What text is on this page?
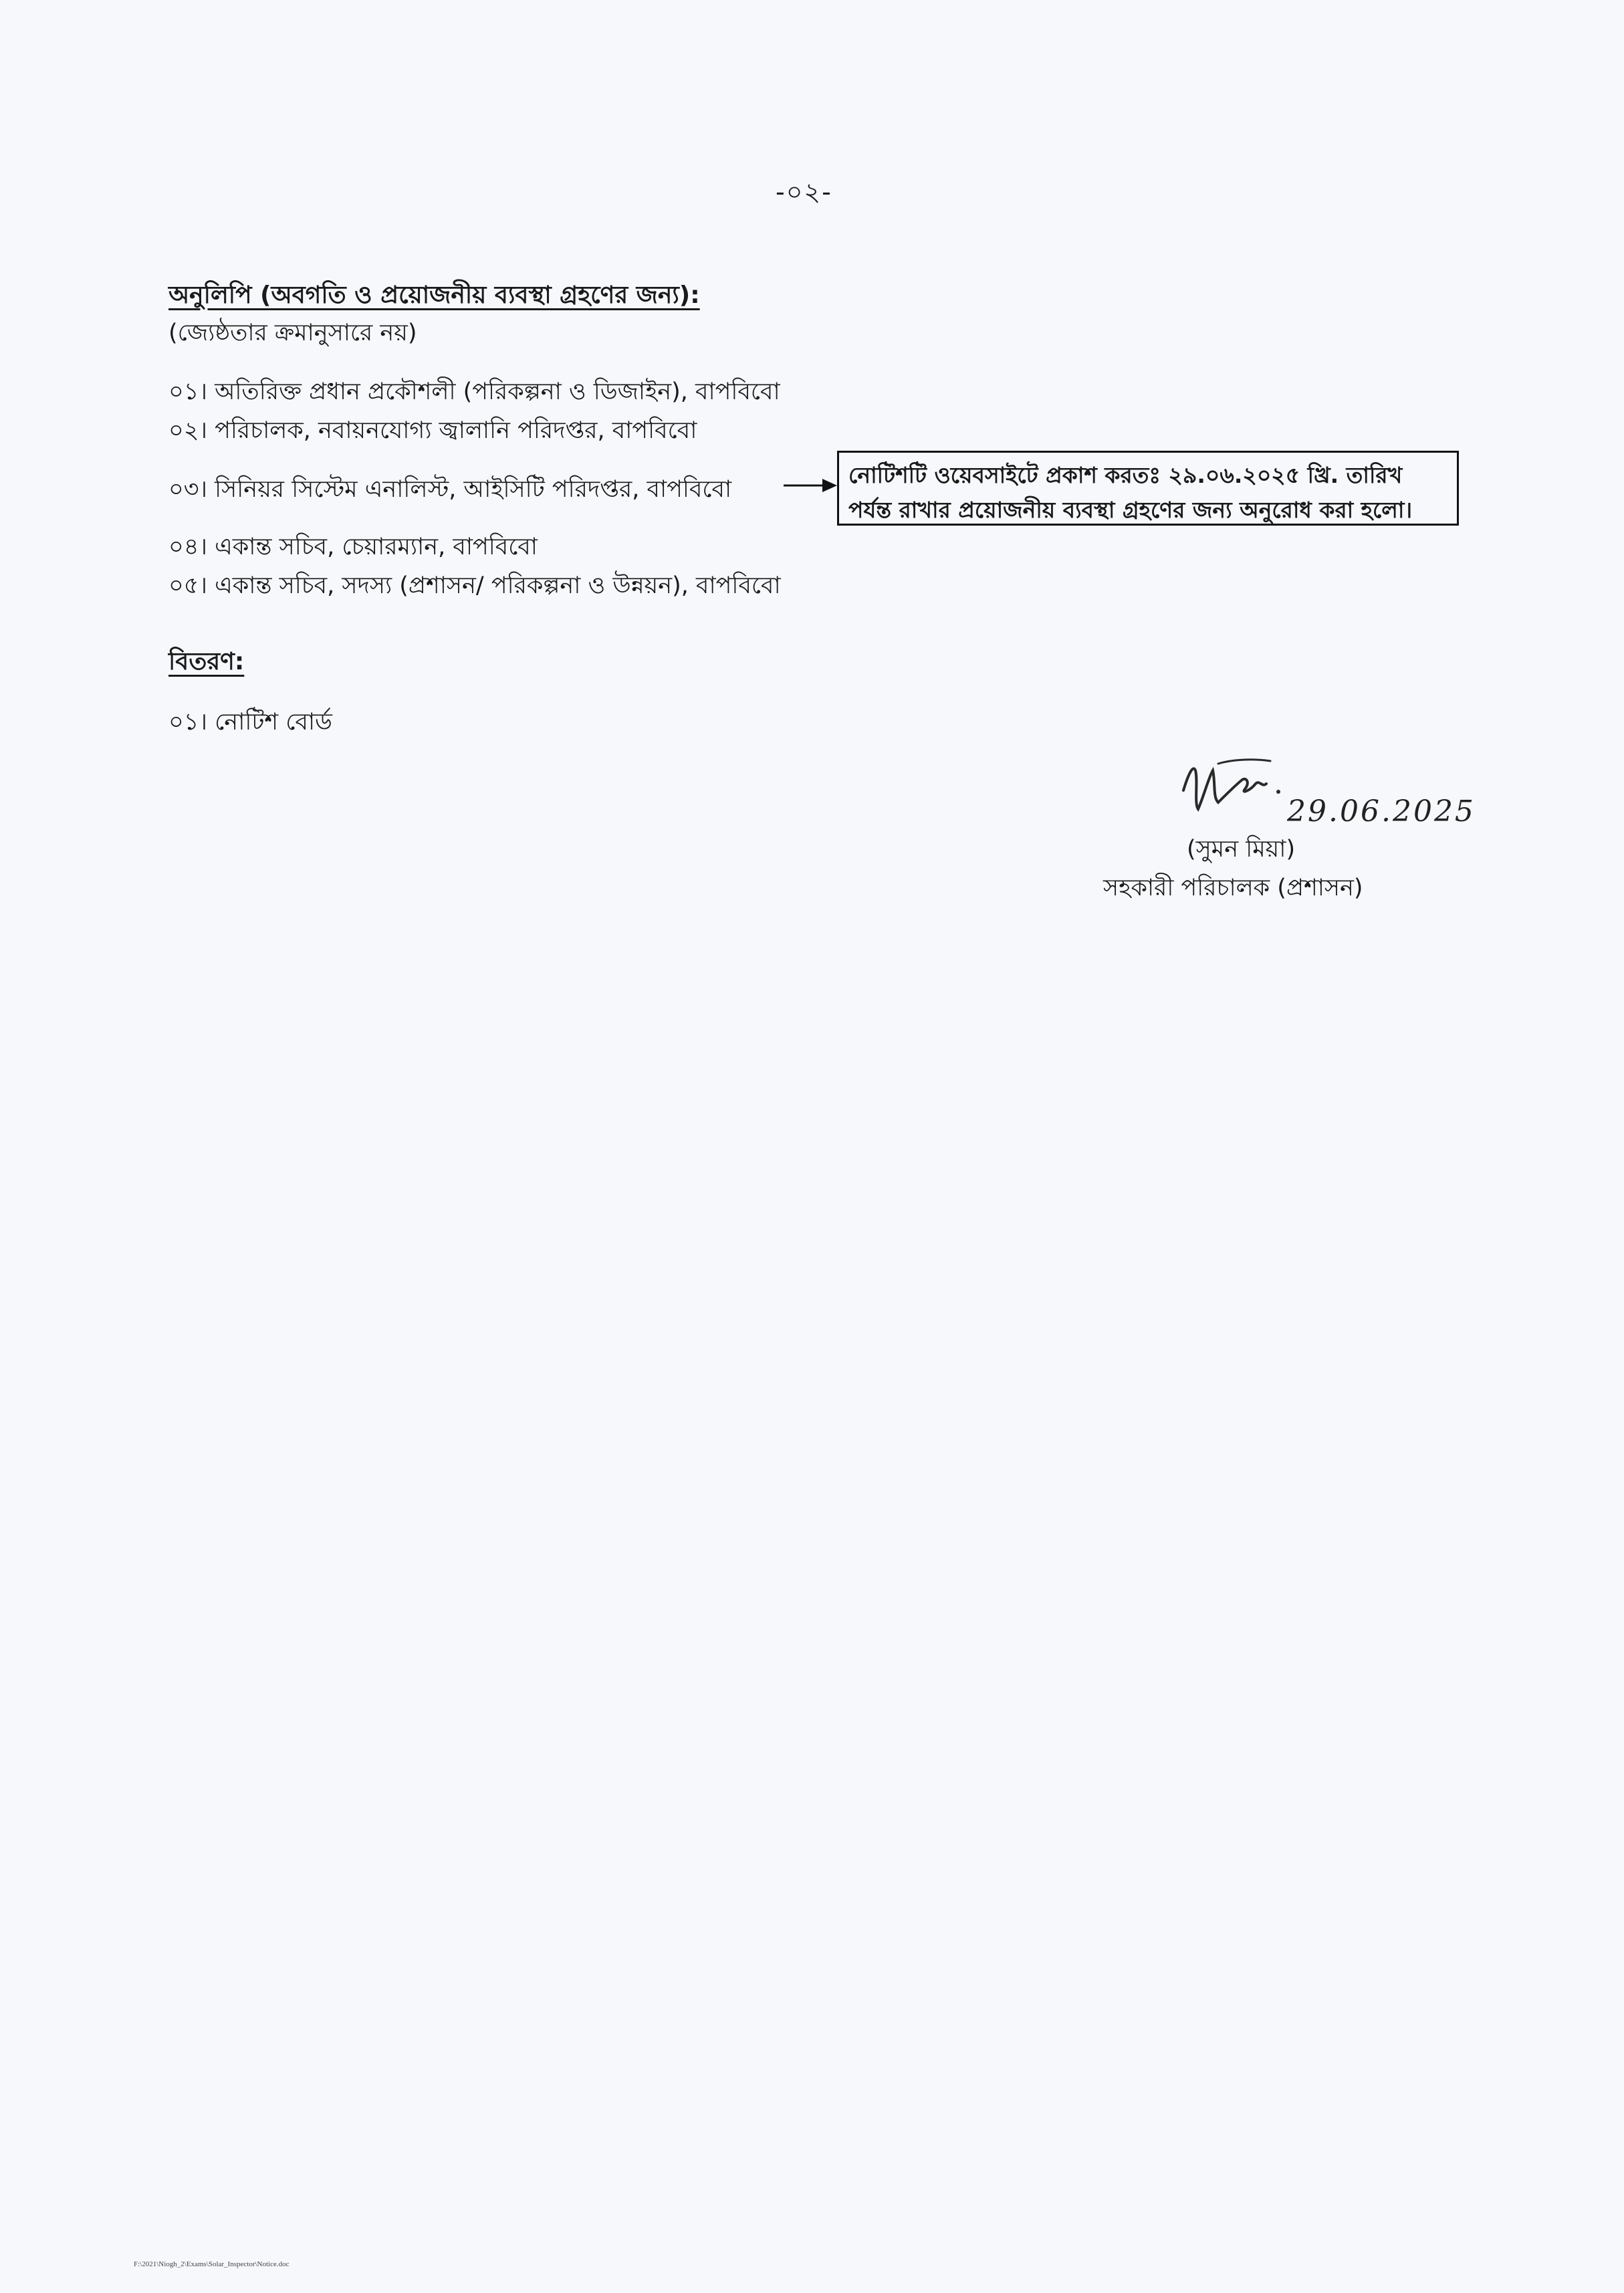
-০২-
অনুলিপি (অবগতি ও প্রয়োজনীয় ব্যবস্থা গ্রহণের জন্য):
(জ্যেষ্ঠতার ক্রমানুসারে নয়)
০১। অতিরিক্ত প্রধান প্রকৌশলী (পরিকল্পনা ও ডিজাইন), বাপবিবো
০২। পরিচালক, নবায়নযোগ্য জ্বালানি পরিদপ্তর, বাপবিবো
০৩। সিনিয়র সিস্টেম এনালিস্ট, আইসিটি পরিদপ্তর, বাপবিবো
নোটিশটি ওয়েবসাইটে প্রকাশ করতঃ ২৯.০৬.২০২৫ খ্রি. তারিখ
পর্যন্ত রাখার প্রয়োজনীয় ব্যবস্থা গ্রহণের জন্য অনুরোধ করা হলো।
০৪। একান্ত সচিব, চেয়ারম্যান, বাপবিবো
০৫। একান্ত সচিব, সদস্য (প্রশাসন/ পরিকল্পনা ও উন্নয়ন), বাপবিবো
বিতরণ:
০১। নোটিশ বোর্ড
29.06.2025
(সুমন মিয়া)
সহকারী পরিচালক (প্রশাসন)
F:\2021\Niogh_2\Exams\Solar_Inspector\Notice.doc
